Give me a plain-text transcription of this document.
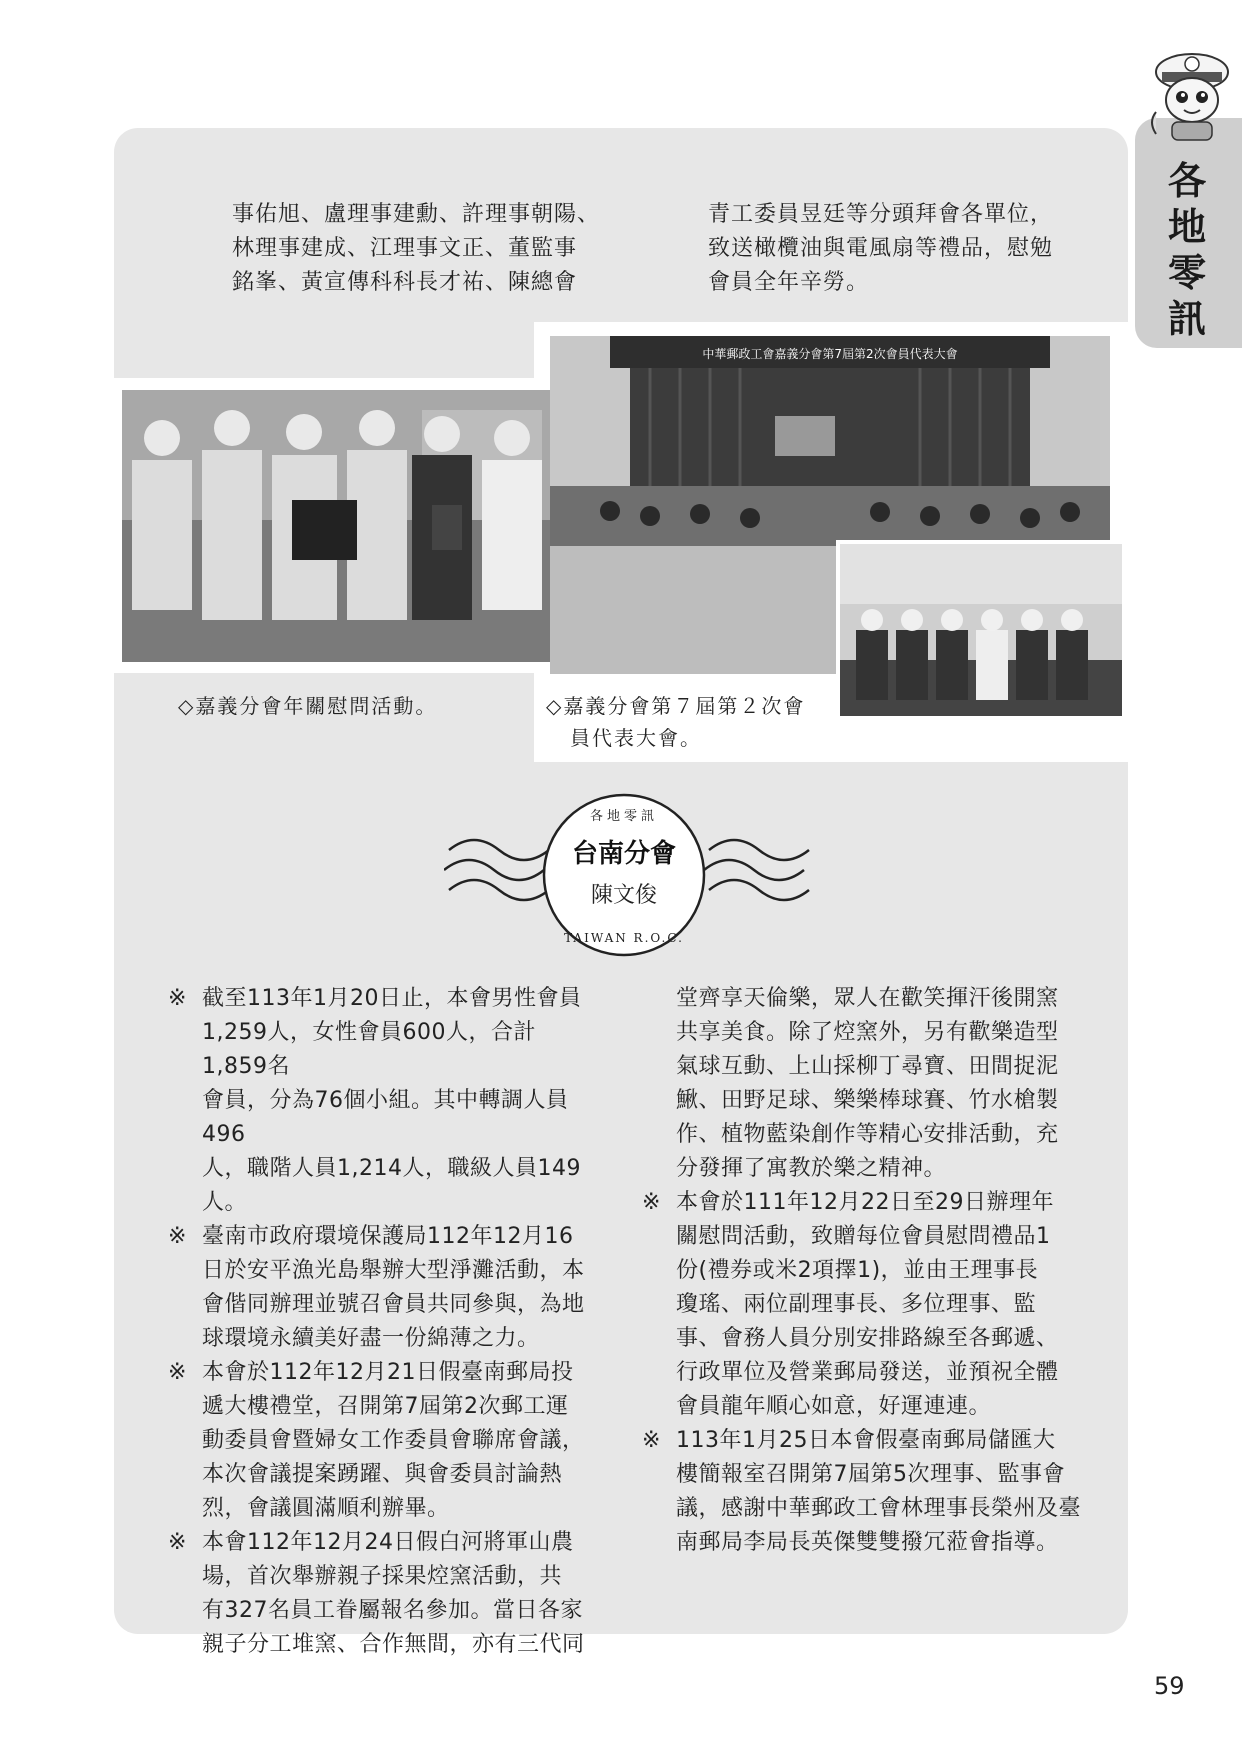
各地零訊
事佑旭、盧理事建勳、許理事朝陽、
林理事建成、江理事文正、董監事
銘峯、黃宣傳科科長才祐、陳總會
青工委員昱廷等分頭拜會各單位，
致送橄欖油與電風扇等禮品，慰勉
會員全年辛勞。
中華郵政工會嘉義分會第7屆第2次會員代表大會
◇嘉義分會年關慰問活動。	◇嘉義分會第７屆第２次會
員代表大會。
各地零訊
台南分會
陳文俊
TAIWAN R.O.C.
※ 截至113年1月20日止，本會男性會員
1,259人，女性會員600人，合計1,859名
會員，分為76個小組。其中轉調人員496
人，職階人員1,214人，職級人員149人。
※ 臺南市政府環境保護局112年12月16
日於安平漁光島舉辦大型淨灘活動，本
會偕同辦理並號召會員共同參與，為地
球環境永續美好盡一份綿薄之力。
※ 本會於112年12月21日假臺南郵局投
遞大樓禮堂，召開第7屆第2次郵工運
動委員會暨婦女工作委員會聯席會議，
本次會議提案踴躍、與會委員討論熱
烈，會議圓滿順利辦畢。
※ 本會112年12月24日假白河將軍山農
場，首次舉辦親子採果焢窯活動，共
有327名員工眷屬報名參加。當日各家
親子分工堆窯、合作無間，亦有三代同
堂齊享天倫樂，眾人在歡笑揮汗後開窯
共享美食。除了焢窯外，另有歡樂造型
氣球互動、上山採柳丁尋寶、田間捉泥
鰍、田野足球、樂樂棒球賽、竹水槍製
作、植物藍染創作等精心安排活動，充
分發揮了寓教於樂之精神。
※ 本會於111年12月22日至29日辦理年
關慰問活動，致贈每位會員慰問禮品1
份(禮券或米2項擇1)，並由王理事長
瓊瑤、兩位副理事長、多位理事、監
事、會務人員分別安排路線至各郵遞、
行政單位及營業郵局發送，並預祝全體
會員龍年順心如意，好運連連。
※ 113年1月25日本會假臺南郵局儲匯大
樓簡報室召開第7屆第5次理事、監事會
議，感謝中華郵政工會林理事長榮州及臺
南郵局李局長英傑雙雙撥冗蒞會指導。
59
